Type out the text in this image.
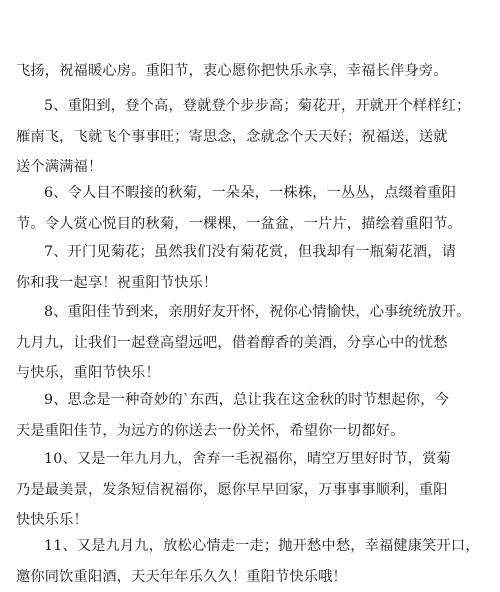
飞扬，祝福暖心房。重阳节，衷心愿你把快乐永享，幸福长伴身旁。
5、重阳到，登个高，登就登个步步高；菊花开，开就开个样样红；
雁南飞，飞就飞个事事旺；寄思念，念就念个天天好；祝福送，送就
送个满满福！
6、令人目不暇接的秋菊，一朵朵，一株株，一丛丛，点缀着重阳
节。令人赏心悦目的秋菊，一棵棵，一盆盆，一片片，描绘着重阳节。
7、开门见菊花；虽然我们没有菊花赏，但我却有一瓶菊花酒，请
你和我一起享！祝重阳节快乐！
8、重阳佳节到来，亲朋好友开怀，祝你心情愉快，心事统统放开。
九月九，让我们一起登高望远吧，借着醇香的美酒，分享心中的忧愁
与快乐，重阳节快乐！
9、思念是一种奇妙的`东西，总让我在这金秋的时节想起你，今
天是重阳佳节，为远方的你送去一份关怀，希望你一切都好。
10、又是一年九月九，舍弃一毛祝福你，晴空万里好时节，赏菊
乃是最美景，发条短信祝福你，愿你早早回家，万事事事顺利，重阳
快快乐乐！
11、又是九月九，放松心情走一走；抛开愁中愁，幸福健康笑开口，
邀你同饮重阳酒，天天年年乐久久！重阳节快乐哦！
